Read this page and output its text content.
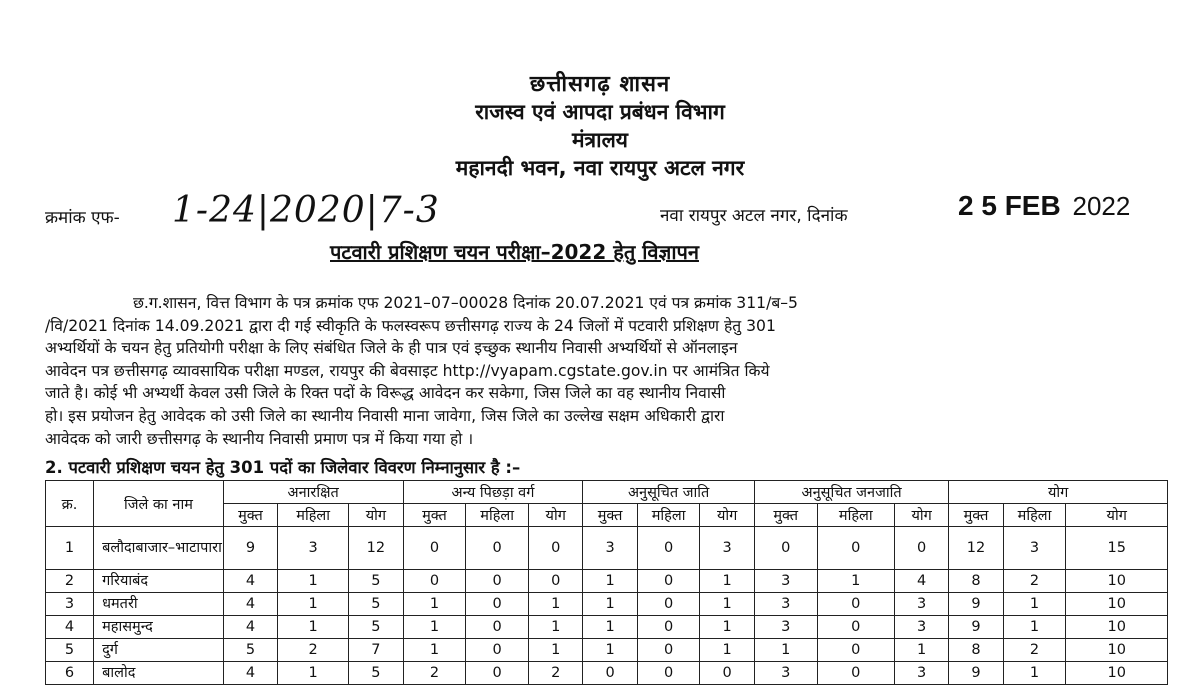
छत्तीसगढ़ शासन
राजस्व एवं आपदा प्रबंधन विभाग
मंत्रालय
महानदी भवन, नवा रायपुर अटल नगर
क्रमांक एफ- 1-24|2020|7-3	नवा रायपुर अटल नगर, दिनांक	2 5 FEB 2022
पटवारी प्रशिक्षण चयन परीक्षा–2022 हेतु विज्ञापन
छ.ग.शासन, वित्त विभाग के पत्र क्रमांक एफ 2021–07–00028 दिनांक 20.07.2021 एवं पत्र क्रमांक 311/ब–5
/वि/2021 दिनांक 14.09.2021 द्वारा दी गई स्वीकृति के फलस्वरूप छत्तीसगढ़ राज्य के 24 जिलों में पटवारी प्रशिक्षण हेतु 301
अभ्यर्थियों के चयन हेतु प्रतियोगी परीक्षा के लिए संबंधित जिले के ही पात्र एवं इच्छुक स्थानीय निवासी अभ्यर्थियों से ऑनलाइन
आवेदन पत्र छत्तीसगढ़ व्यावसायिक परीक्षा मण्डल, रायपुर की बेवसाइट http://vyapam.cgstate.gov.in पर आमंत्रित किये
जाते है। कोई भी अभ्यर्थी केवल उसी जिले के रिक्त पदों के विरूद्ध आवेदन कर सकेगा, जिस जिले का वह स्थानीय निवासी
हो। इस प्रयोजन हेतु आवेदक को उसी जिले का स्थानीय निवासी माना जावेगा, जिस जिले का उल्लेख सक्षम अधिकारी द्वारा
आवेदक को जारी छत्तीसगढ़ के स्थानीय निवासी प्रमाण पत्र में किया गया हो ।
2. पटवारी प्रशिक्षण चयन हेतु 301 पदों का जिलेवार विवरण निम्नानुसार है :–
क्र.	जिले का नाम	अनारक्षित			अन्य पिछड़ा वर्ग			अनुसूचित जाति			अनुसूचित जनजाति			योग		
		मुक्त	महिला	योग	मुक्त	महिला	योग	मुक्त	महिला	योग	मुक्त	महिला	योग	मुक्त	महिला	योग
1	बलौदाबाजार–भाटापारा	9	3	12	0	0	0	3	0	3	0	0	0	12	3	15
2	गरियाबंद	4	1	5	0	0	0	1	0	1	3	1	4	8	2	10
3	धमतरी	4	1	5	1	0	1	1	0	1	3	0	3	9	1	10
4	महासमुन्द	4	1	5	1	0	1	1	0	1	3	0	3	9	1	10
5	दुर्ग	5	2	7	1	0	1	1	0	1	1	0	1	8	2	10
6	बालोद	4	1	5	2	0	2	0	0	0	3	0	3	9	1	10
